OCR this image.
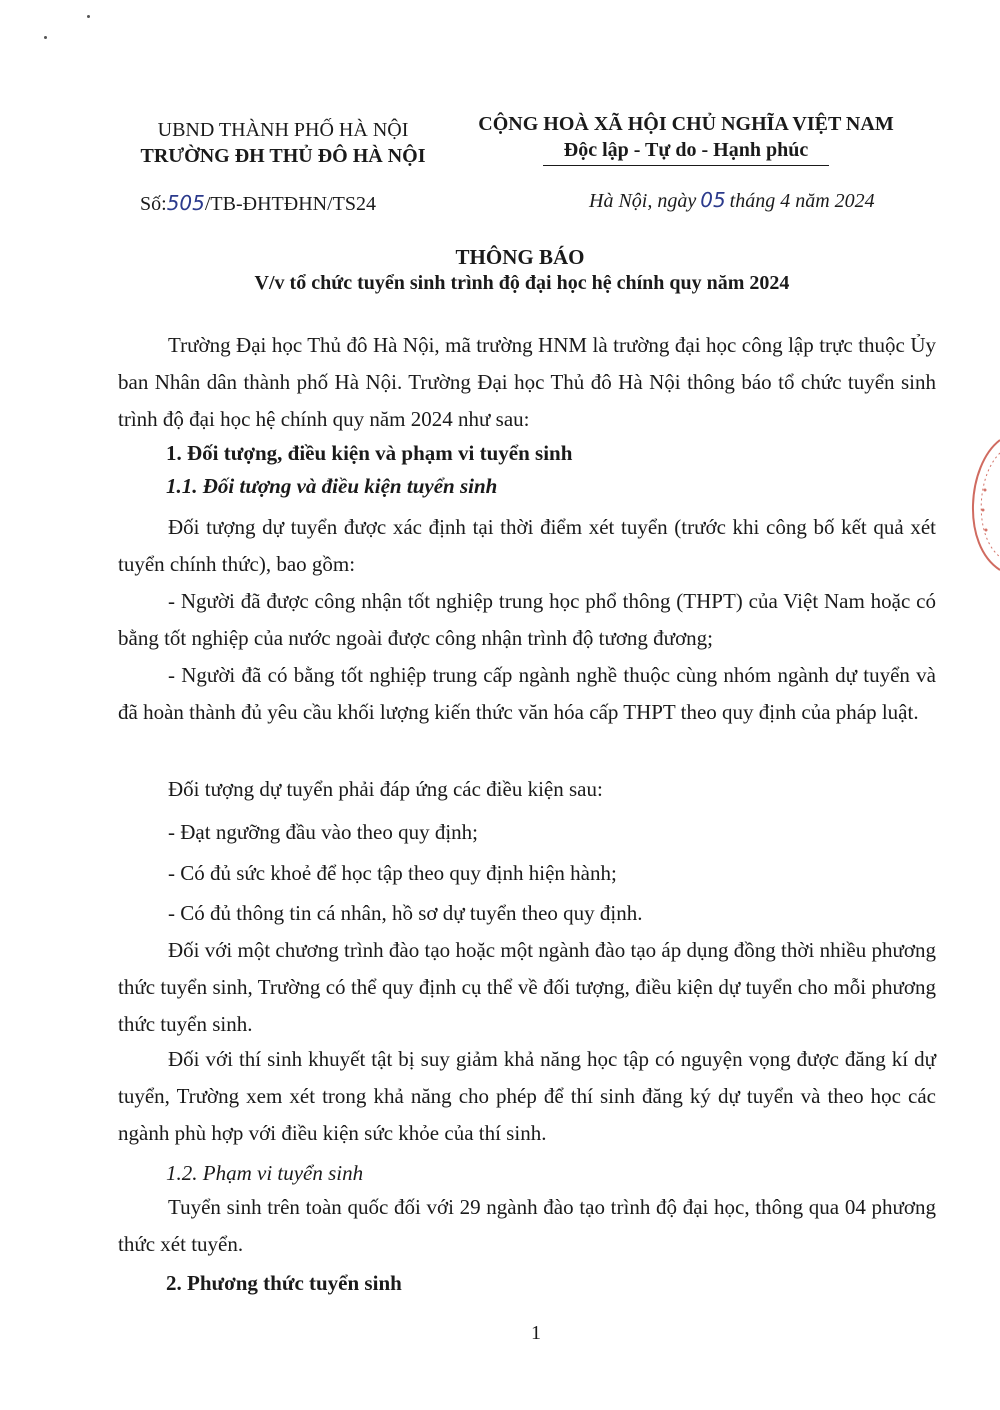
UBND THÀNH PHỐ HÀ NỘI
TRƯỜNG ĐH THỦ ĐÔ HÀ NỘI
CỘNG HOÀ XÃ HỘI CHỦ NGHĨA VIỆT NAM
Độc lập - Tự do - Hạnh phúc
Số:505/TB-ĐHTĐHN/TS24	Hà Nội, ngày 05 tháng 4 năm 2024
THÔNG BÁO
V/v tổ chức tuyển sinh trình độ đại học hệ chính quy năm 2024
Trường Đại học Thủ đô Hà Nội, mã trường HNM là trường đại học công lập trực thuộc Ủy ban Nhân dân thành phố Hà Nội. Trường Đại học Thủ đô Hà Nội thông báo tổ chức tuyển sinh trình độ đại học hệ chính quy năm 2024 như sau:
1. Đối tượng, điều kiện và phạm vi tuyển sinh
1.1. Đối tượng và điều kiện tuyển sinh
Đối tượng dự tuyển được xác định tại thời điểm xét tuyển (trước khi công bố kết quả xét tuyển chính thức), bao gồm:
- Người đã được công nhận tốt nghiệp trung học phổ thông (THPT) của Việt Nam hoặc có bằng tốt nghiệp của nước ngoài được công nhận trình độ tương đương;
- Người đã có bằng tốt nghiệp trung cấp ngành nghề thuộc cùng nhóm ngành dự tuyển và đã hoàn thành đủ yêu cầu khối lượng kiến thức văn hóa cấp THPT theo quy định của pháp luật.
Đối tượng dự tuyển phải đáp ứng các điều kiện sau:
- Đạt ngưỡng đầu vào theo quy định;
- Có đủ sức khoẻ để học tập theo quy định hiện hành;
- Có đủ thông tin cá nhân, hồ sơ dự tuyển theo quy định.
Đối với một chương trình đào tạo hoặc một ngành đào tạo áp dụng đồng thời nhiều phương thức tuyển sinh, Trường có thể quy định cụ thể về đối tượng, điều kiện dự tuyển cho mỗi phương thức tuyển sinh.
Đối với thí sinh khuyết tật bị suy giảm khả năng học tập có nguyện vọng được đăng kí dự tuyển, Trường xem xét trong khả năng cho phép để thí sinh đăng ký dự tuyển và theo học các ngành phù hợp với điều kiện sức khỏe của thí sinh.
1.2. Phạm vi tuyển sinh
Tuyển sinh trên toàn quốc đối với 29 ngành đào tạo trình độ đại học, thông qua 04 phương thức xét tuyển.
2. Phương thức tuyển sinh
1
